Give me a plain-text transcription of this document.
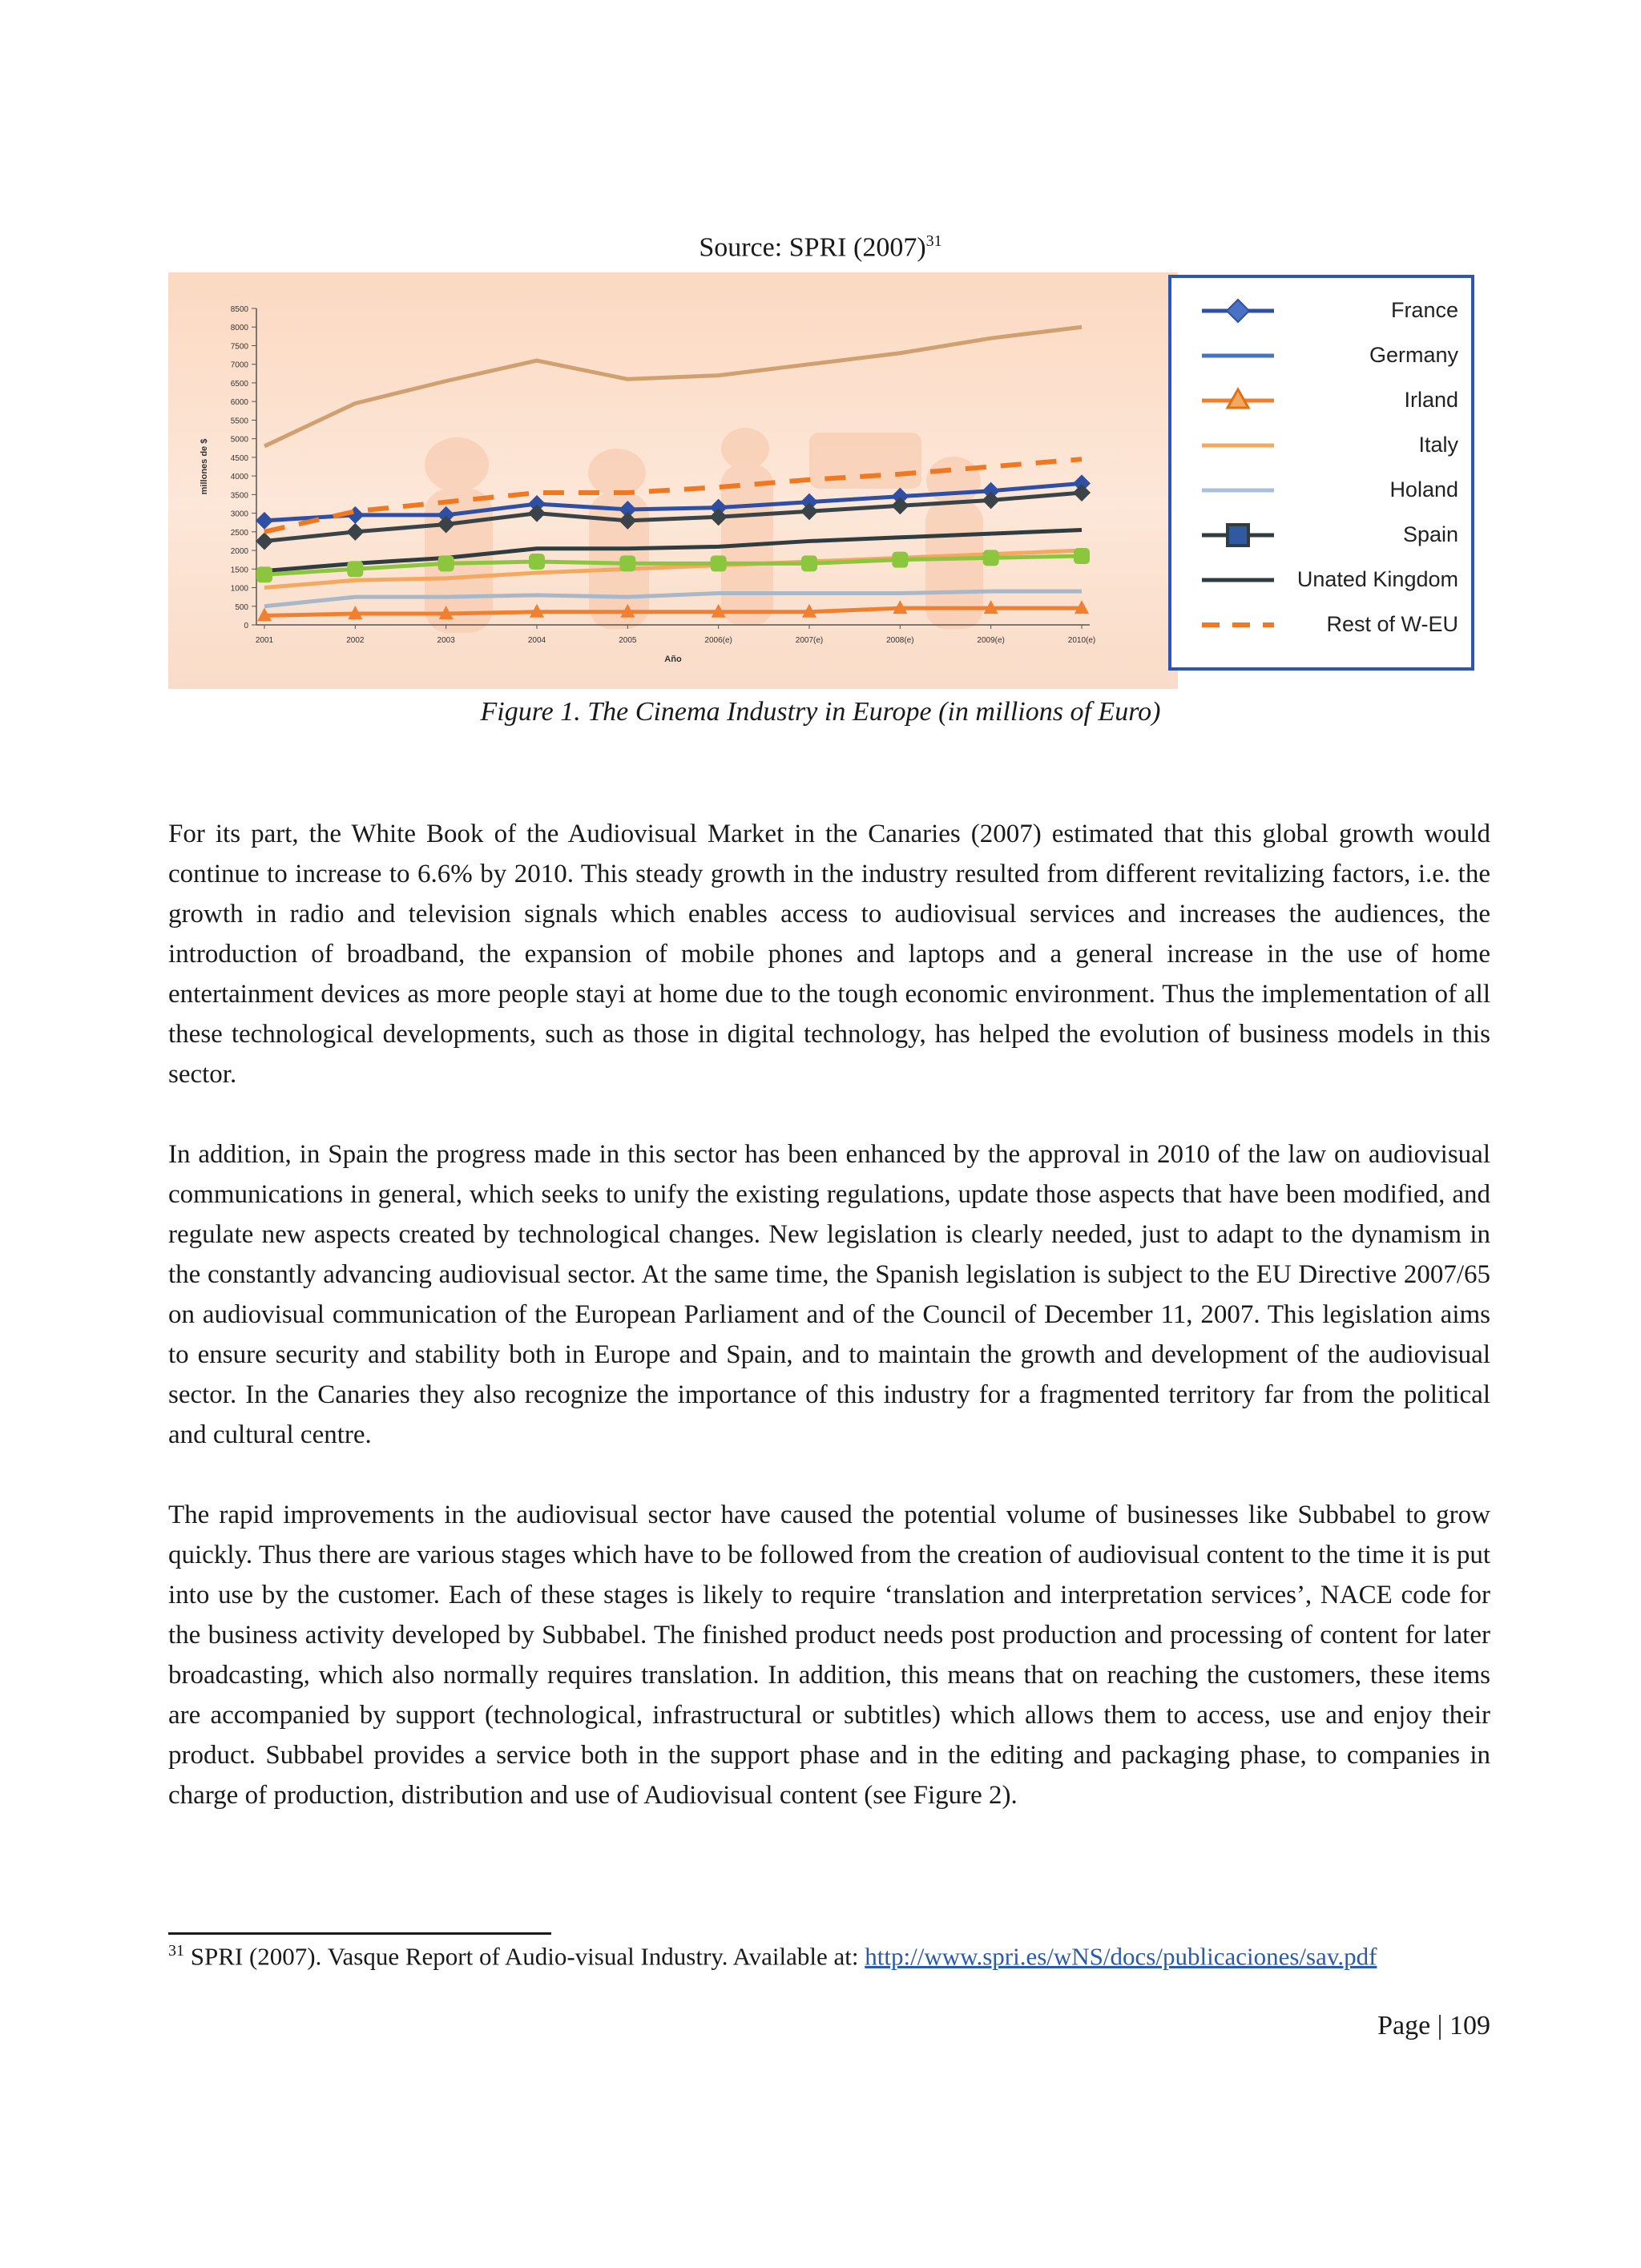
Source: SPRI $(2007)^{31}$
0
500
1000
1500
2000
2500
3000
3500
4000
4500
5000
5500
6000
6500
7000
7500
8000
8500
2001	2002	2003	2004	2005	2006(e)	2007(e)	2008(e)	2009(e)	2010(e)
Año
millones de $
France
Germany
Irland
Italy
Holand
Spain
Unated Kingdom
Rest of W-EU
Figure 1. The Cinema Industry in Europe (in millions of Euro)

For its part, the White Book of the Audiovisual Market in the Canaries (2007) estimated that this global growth would continue to increase to 6.6% by 2010. This steady growth in the industry resulted from different revitalizing factors, i.e. the growth in radio and television signals which enables access to audiovisual services and increases the audiences, the introduction of broadband, the expansion of mobile phones and laptops and a general increase in the use of home entertainment devices as more people stayi at home due to the tough economic environment. Thus the implementation of all these technological developments, such as those in digital technology, has helped the evolution of business models in this sector.

In addition, in Spain the progress made in this sector has been enhanced by the approval in 2010 of the law on audiovisual communications in general, which seeks to unify the existing regulations, update those aspects that have been modified, and regulate new aspects created by technological changes. New legislation is clearly needed, just to adapt to the dynamism in the constantly advancing audiovisual sector. At the same time, the Spanish legislation is subject to the EU Directive 2007/65 on audiovisual communication of the European Parliament and of the Council of December 11, 2007. This legislation aims to ensure security and stability both in Europe and Spain, and to maintain the growth and development of the audiovisual sector. In the Canaries they also recognize the importance of this industry for a fragmented territory far from the political and cultural centre.

The rapid improvements in the audiovisual sector have caused the potential volume of businesses like Subbabel to grow quickly. Thus there are various stages which have to be followed from the creation of audiovisual content to the time it is put into use by the customer. Each of these stages is likely to require ‘translation and interpretation services’, NACE code for the business activity developed by Subbabel. The finished product needs post production and processing of content for later broadcasting, which also normally requires translation. In addition, this means that on reaching the customers, these items are accompanied by support (technological, infrastructural or subtitles) which allows them to access, use and enjoy their product. Subbabel provides a service both in the support phase and in the editing and packaging phase, to companies in charge of production, distribution and use of Audiovisual content (see Figure 2).

$^{31}$ SPRI (2007). Vasque Report of Audio-visual Industry. Available at: http://www.spri.es/wNS/docs/publicaciones/sav.pdf
Page | 109
